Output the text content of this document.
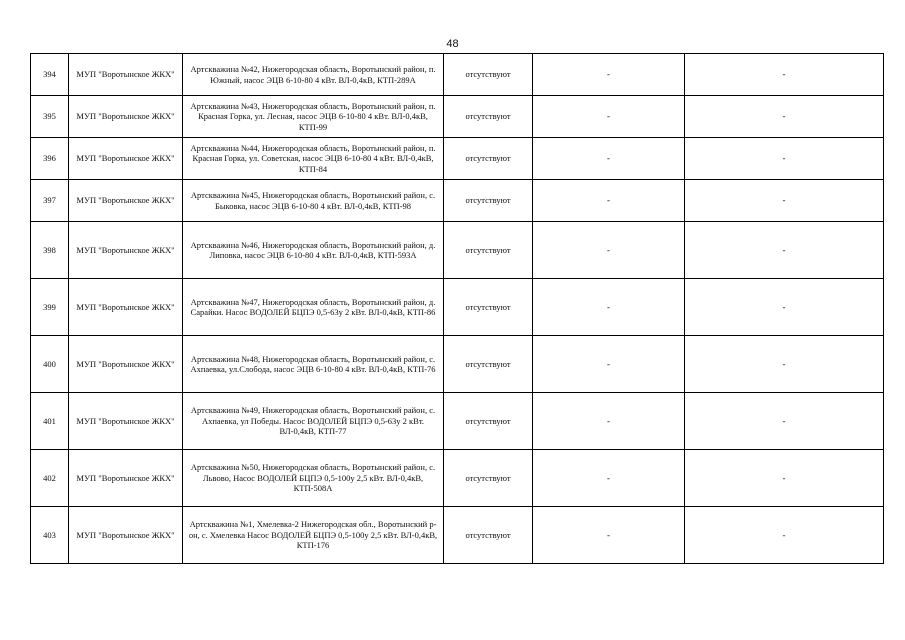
48
394	МУП "Воротынское ЖКХ"	Артскважина №42, Нижегородская область, Воротынский район, п. Южный, насос ЭЦВ 6-10-80 4 кВт. ВЛ-0,4кВ, КТП-289А	отсутствуют	-	-
395	МУП "Воротынское ЖКХ"	Артскважина №43, Нижегородская область, Воротынский район, п. Красная Горка, ул. Лесная, насос ЭЦВ 6-10-80 4 кВт. ВЛ-0,4кВ, КТП-99	отсутствуют	-	-
396	МУП "Воротынское ЖКХ"	Артскважина №44, Нижегородская область, Воротынский район, п. Красная Горка, ул. Советская, насос ЭЦВ 6-10-80 4 кВт. ВЛ-0,4кВ, КТП-84	отсутствуют	-	-
397	МУП "Воротынское ЖКХ"	Артскважина №45, Нижегородская область, Воротынский район, с. Быковка, насос ЭЦВ 6-10-80 4 кВт. ВЛ-0,4кВ, КТП-98	отсутствуют	-	-
398	МУП "Воротынское ЖКХ"	Артскважина №46, Нижегородская область, Воротынский район, д. Липовка, насос ЭЦВ 6-10-80 4 кВт. ВЛ-0,4кВ, КТП-593А	отсутствуют	-	-
399	МУП "Воротынское ЖКХ"	Артскважина №47, Нижегородская область, Воротынский район, д. Сарайки. Насос ВОДОЛЕЙ БЦПЭ 0,5-63у 2 кВт. ВЛ-0,4кВ, КТП-86	отсутствуют	-	-
400	МУП "Воротынское ЖКХ"	Артскважина №48, Нижегородская область, Воротынский район, с. Ахпаевка, ул.Слобода, насос ЭЦВ 6-10-80 4 кВт. ВЛ-0,4кВ, КТП-76	отсутствуют	-	-
401	МУП "Воротынское ЖКХ"	Артскважина №49, Нижегородская область, Воротынский район, с. Ахпаевка, ул Победы. Насос ВОДОЛЕЙ БЦПЭ 0,5-63у 2 кВт. ВЛ-0,4кВ, КТП-77	отсутствуют	-	-
402	МУП "Воротынское ЖКХ"	Артскважина №50, Нижегородская область, Воротынский район, с. Львово, Насос ВОДОЛЕЙ БЦПЭ 0,5-100у 2,5 кВт. ВЛ-0,4кВ, КТП-508А	отсутствуют	-	-
403	МУП "Воротынское ЖКХ"	Артскважина №1, Хмелевка-2 Нижегородская обл., Воротынский р-он, с. Хмелевка Насос ВОДОЛЕЙ БЦПЭ 0,5-100у 2,5 кВт. ВЛ-0,4кВ, КТП-176	отсутствуют	-	-
